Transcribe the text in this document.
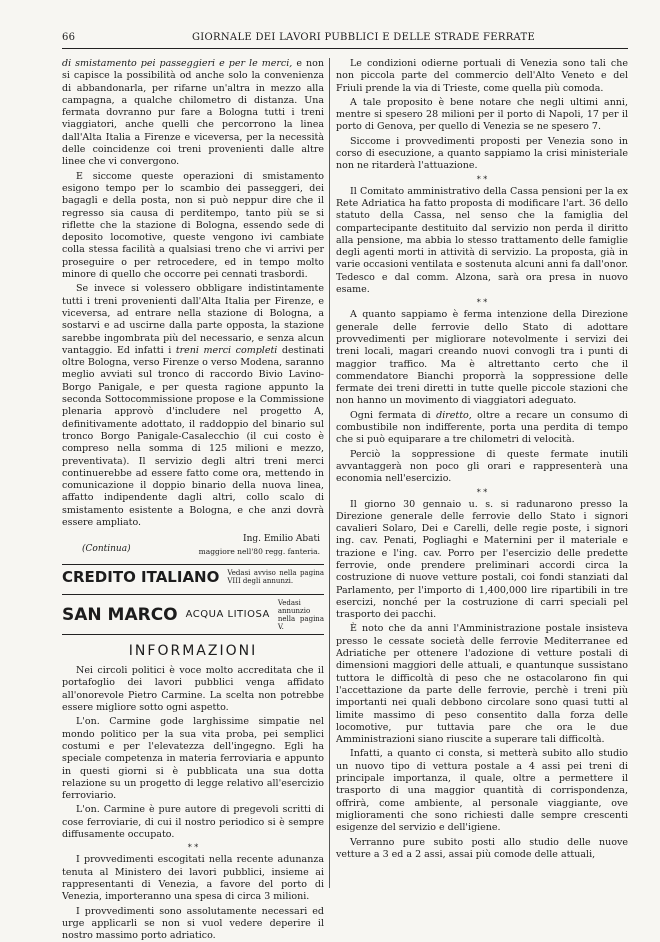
66	GIORNALE DEI LAVORI PUBBLICI E DELLE STRADE FERRATE

di smistamento pei passeggieri e per le merci, e non si capisce la possibilità od anche solo la convenienza di abbandonarla, per rifarne un'altra in mezzo alla campagna, a qualche chilometro di distanza. Una fermata dovranno pur fare a Bologna tutti i treni viaggiatori, anche quelli che percorrono la linea dall'Alta Italia a Firenze e viceversa, per la necessità delle coincidenze coi treni provenienti dalle altre linee che vi convergono.

E siccome queste operazioni di smistamento esigono tempo per lo scambio dei passeggeri, dei bagagli e della posta, non si può neppur dire che il regresso sia causa di perditempo, tanto più se si riflette che la stazione di Bologna, essendo sede di deposito locomotive, queste vengono ivi cambiate colla stessa facilità a qualsiasi treno che vi arrivi per proseguire o per retrocedere, ed in tempo molto minore di quello che occorre pei cennati trasbordi.

Se invece si volessero obbligare indistintamente tutti i treni provenienti dall'Alta Italia per Firenze, e viceversa, ad entrare nella stazione di Bologna, a sostarvi e ad uscirne dalla parte opposta, la stazione sarebbe ingombrata più del necessario, e senza alcun vantaggio. Ed infatti i treni merci completi destinati oltre Bologna, verso Firenze o verso Modena, saranno meglio avviati sul tronco di raccordo Bivio Lavino-Borgo Panigale, e per questa ragione appunto la seconda Sottocommissione propose e la Commissione plenaria approvò d'includere nel progetto A, definitivamente adottato, il raddoppio del binario sul tronco Borgo Panigale-Casalecchio (il cui costo è compreso nella somma di 125 milioni e mezzo, preventivata). Il servizio degli altri treni merci continuerebbe ad essere fatto come ora, mettendo in comunicazione il doppio binario della nuova linea, affatto indipendente dagli altri, collo scalo di smistamento esistente a Bologna, e che anzi dovrà essere ampliato.

(Continua)
Ing. Emilio Abati
maggiore nell'80 regg. fanteria.
CREDITO ITALIANO Vedasi avviso nella pagina VIII degli annunzi.
SAN MARCO ACQUA LITIOSA
Vedasi annunzio nella pagina V.
INFORMAZIONI

Nei circoli politici è voce molto accreditata che il portafoglio dei lavori pubblici venga affidato all'onorevole Pietro Carmine. La scelta non potrebbe essere migliore sotto ogni aspetto.

L'on. Carmine gode larghissime simpatie nel mondo politico per la sua vita proba, pei semplici costumi e per l'elevatezza dell'ingegno. Egli ha speciale competenza in materia ferroviaria e appunto in questi giorni si è pubblicata una sua dotta relazione su un progetto di legge relativo all'esercizio ferroviario.

L'on. Carmine è pure autore di pregevoli scritti di cose ferroviarie, di cui il nostro periodico si è sempre diffusamente occupato.

* *

I provvedimenti escogitati nella recente adunanza tenuta al Ministero dei lavori pubblici, insieme ai rappresentanti di Venezia, a favore del porto di Venezia, importeranno una spesa di circa 3 milioni.

I provvedimenti sono assolutamente necessari ed urge applicarli se non si vuol vedere deperire il nostro massimo porto adriatico.

Le condizioni odierne portuali di Venezia sono tali che non piccola parte del commercio dell'Alto Veneto e del Friuli prende la via di Trieste, come quella più comoda.

A tale proposito è bene notare che negli ultimi anni, mentre si spesero 28 milioni per il porto di Napoli, 17 per il porto di Genova, per quello di Venezia se ne spesero 7.

Siccome i provvedimenti proposti per Venezia sono in corso di esecuzione, a quanto sappiamo la crisi ministeriale non ne ritarderà l'attuazione.

* *

Il Comitato amministrativo della Cassa pensioni per la ex Rete Adriatica ha fatto proposta di modificare l'art. 36 dello statuto della Cassa, nel senso che la famiglia del compartecipante destituito dal servizio non perda il diritto alla pensione, ma abbia lo stesso trattamento delle famiglie degli agenti morti in attività di servizio. La proposta, già in varie occasioni ventilata e sostenuta alcuni anni fa dall'onor. Tedesco e dal comm. Alzona, sarà ora presa in nuovo esame.

* *

A quanto sappiamo è ferma intenzione della Direzione generale delle ferrovie dello Stato di adottare provvedimenti per migliorare notevolmente i servizi dei treni locali, magari creando nuovi convogli tra i punti di maggior traffico. Ma è altrettanto certo che il commendatore Bianchi proporrà la soppressione delle fermate dei treni diretti in tutte quelle piccole stazioni che non hanno un movimento di viaggiatori adeguato.

Ogni fermata di diretto, oltre a recare un consumo di combustibile non indifferente, porta una perdita di tempo che si può equiparare a tre chilometri di velocità.

Perciò la soppressione di queste fermate inutili avvantaggerà non poco gli orari e rappresenterà una economia nell'esercizio.

* *

Il giorno 30 gennaio u. s. si radunarono presso la Direzione generale delle ferrovie dello Stato i signori cavalieri Solaro, Dei e Carelli, delle regie poste, i signori ing. cav. Penati, Pogliaghi e Maternini per il materiale e trazione e l'ing. cav. Porro per l'esercizio delle predette ferrovie, onde prendere preliminari accordi circa la costruzione di nuove vetture postali, coi fondi stanziati dal Parlamento, per l'importo di 1,400,000 lire ripartibili in tre esercizi, nonché per la costruzione di carri speciali pel trasporto dei pacchi.

È noto che da anni l'Amministrazione postale insisteva presso le cessate società delle ferrovie Mediterranee ed Adriatiche per ottenere l'adozione di vetture postali di dimensioni maggiori delle attuali, e quantunque sussistano tuttora le difficoltà di peso che ne ostacolarono fin qui l'accettazione da parte delle ferrovie, perchè i treni più importanti nei quali debbono circolare sono quasi tutti al limite massimo di peso consentito dalla forza delle locomotive, pur tuttavia pare che ora le due Amministrazioni siano riuscite a superare tali difficoltà.

Infatti, a quanto ci consta, si metterà subito allo studio un nuovo tipo di vettura postale a 4 assi pei treni di principale importanza, il quale, oltre a permettere il trasporto di una maggior quantità di corrispondenza, offrirà, come ambiente, al personale viaggiante, ove miglioramenti che sono richiesti dalle sempre crescenti esigenze del servizio e dell'igiene.

Verranno pure subito posti allo studio delle nuove vetture a 3 ed a 2 assi, assai più comode delle attuali,
